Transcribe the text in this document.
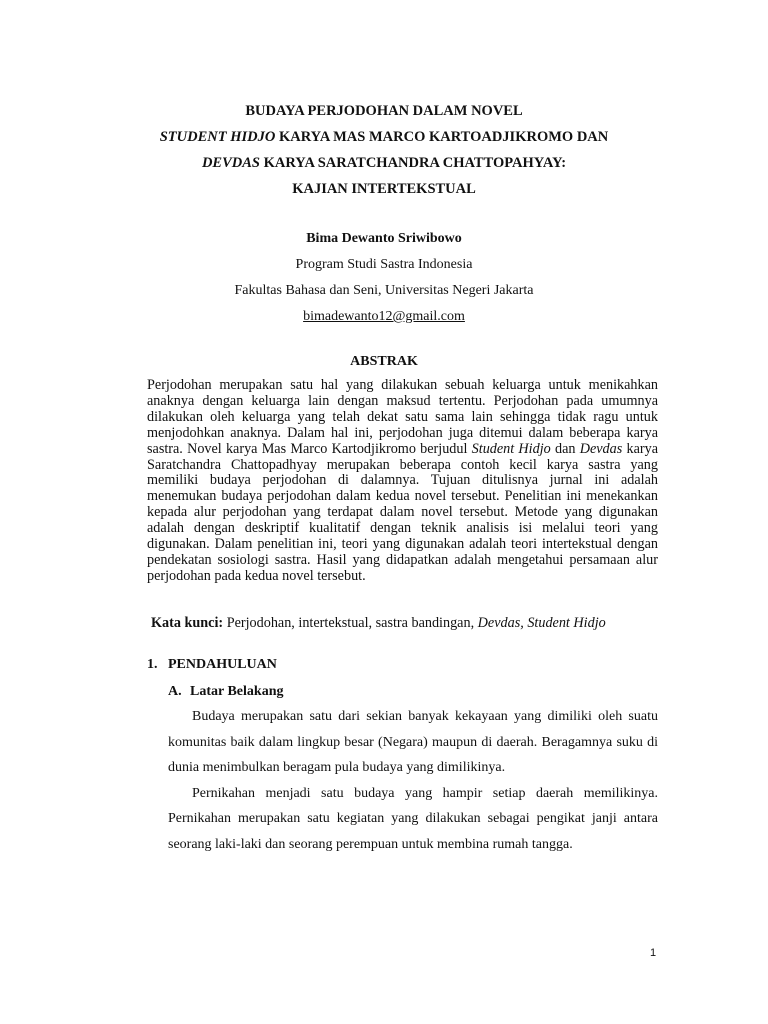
BUDAYA PERJODOHAN DALAM NOVEL
STUDENT HIDJO KARYA MAS MARCO KARTOADJIKROMO DAN
DEVDAS KARYA SARATCHANDRA CHATTOPAHYAY:
KAJIAN INTERTEKSTUAL
Bima Dewanto Sriwibowo
Program Studi Sastra Indonesia
Fakultas Bahasa dan Seni, Universitas Negeri Jakarta
bimadewanto12@gmail.com
ABSTRAK
Perjodohan merupakan satu hal yang dilakukan sebuah keluarga untuk menikahkan anaknya dengan keluarga lain dengan maksud tertentu. Perjodohan pada umumnya dilakukan oleh keluarga yang telah dekat satu sama lain sehingga tidak ragu untuk menjodohkan anaknya. Dalam hal ini, perjodohan juga ditemui dalam beberapa karya sastra. Novel karya Mas Marco Kartodjikromo berjudul Student Hidjo dan Devdas karya Saratchandra Chattopadhyay merupakan beberapa contoh kecil karya sastra yang memiliki budaya perjodohan di dalamnya. Tujuan ditulisnya jurnal ini adalah menemukan budaya perjodohan dalam kedua novel tersebut. Penelitian ini menekankan kepada alur perjodohan yang terdapat dalam novel tersebut. Metode yang digunakan adalah dengan deskriptif kualitatif dengan teknik analisis isi melalui teori yang digunakan. Dalam penelitian ini, teori yang digunakan adalah teori intertekstual dengan pendekatan sosiologi sastra. Hasil yang didapatkan adalah mengetahui persamaan alur perjodohan pada kedua novel tersebut.
Kata kunci: Perjodohan, intertekstual, sastra bandingan, Devdas, Student Hidjo
1. PENDAHULUAN
A. Latar Belakang

Budaya merupakan satu dari sekian banyak kekayaan yang dimiliki oleh suatu komunitas baik dalam lingkup besar (Negara) maupun di daerah. Beragamnya suku di dunia menimbulkan beragam pula budaya yang dimilikinya.

Pernikahan menjadi satu budaya yang hampir setiap daerah memilikinya. Pernikahan merupakan satu kegiatan yang dilakukan sebagai pengikat janji antara seorang laki-laki dan seorang perempuan untuk membina rumah tangga.

1
